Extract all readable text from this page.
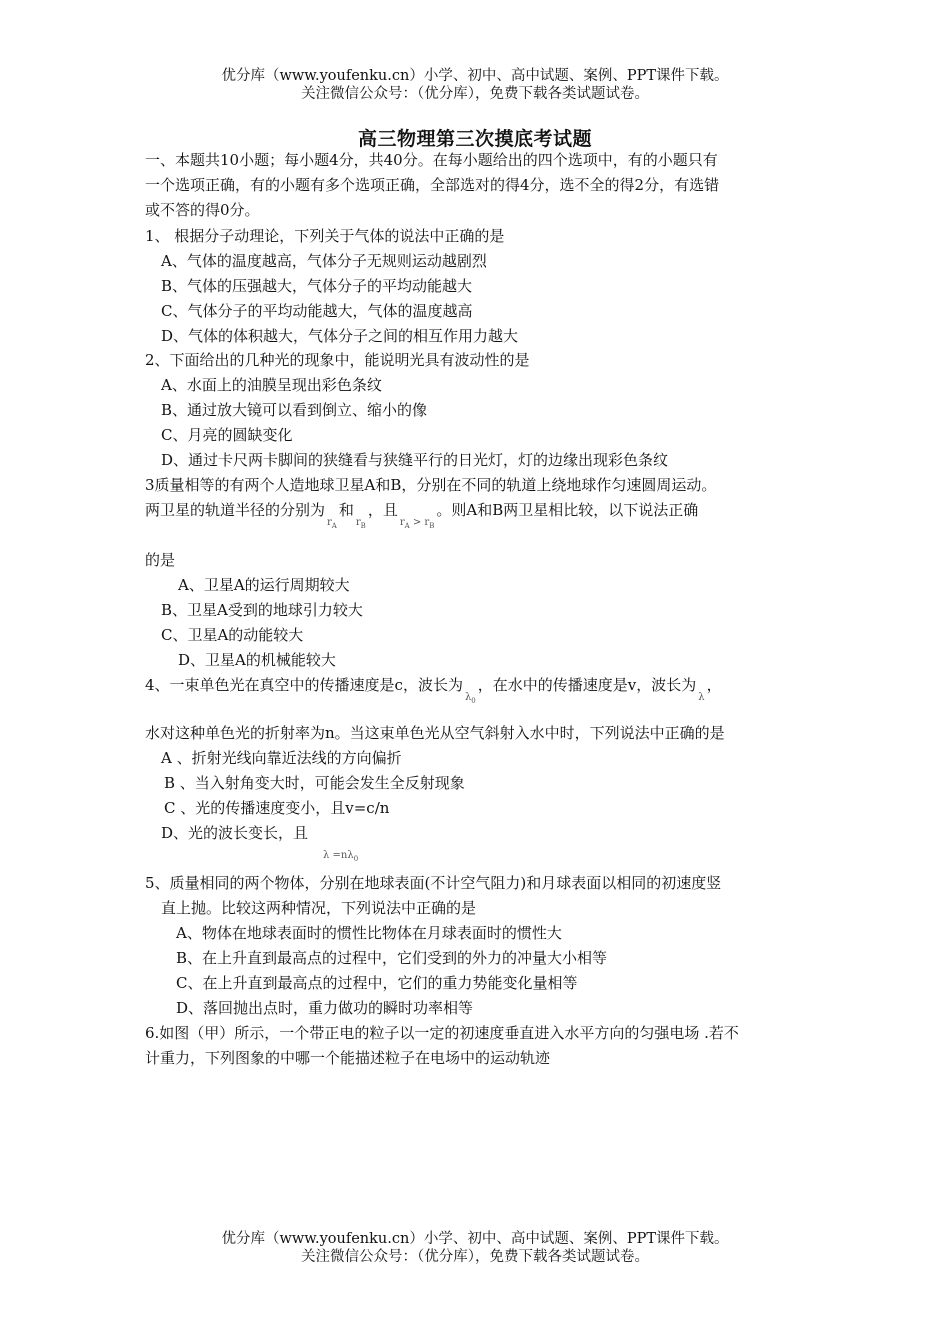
优分库（www.youfenku.cn）小学、初中、高中试题、案例、PPT课件下载。
关注微信公众号：（优分库），免费下载各类试题试卷。
高三物理第三次摸底考试题
一、本题共10小题；每小题4分，共40分。在每小题给出的四个选项中，有的小题只有
一个选项正确，有的小题有多个选项正确，全部选对的得4分，选不全的得2分，有选错
或不答的得0分。
1、 根据分子动理论，下列关于气体的说法中正确的是
A、气体的温度越高，气体分子无规则运动越剧烈
B、气体的压强越大，气体分子的平均动能越大
C、气体分子的平均动能越大，气体的温度越高
D、气体的体积越大，气体分子之间的相互作用力越大
2、下面给出的几种光的现象中，能说明光具有波动性的是
A、水面上的油膜呈现出彩色条纹
B、通过放大镜可以看到倒立、缩小的像
C、月亮的圆缺变化
D、通过卡尺两卡脚间的狭缝看与狭缝平行的日光灯，灯的边缘出现彩色条纹
3质量相等的有两个人造地球卫星A和B，分别在不同的轨道上绕地球作匀速圆周运动。
两卫星的轨道半径的分别为$r_A$和$r_B$，且$r_A > r_B$。则A和B两卫星相比较，以下说法正确
的是
A、卫星A的运行周期较大
B、卫星A受到的地球引力较大
C、卫星A的动能较大
D、卫星A的机械能较大
4、一束单色光在真空中的传播速度是c，波长为$\lambda_0$，在水中的传播速度是v，波长为λ，
水对这种单色光的折射率为n。当这束单色光从空气斜射入水中时，下列说法中正确的是
A 、折射光线向靠近法线的方向偏折
B 、当入射角变大时，可能会发生全反射现象
C 、光的传播速度变小，且v=c/n
D、光的波长变长，且
$\lambda =n\lambda_0$
5、质量相同的两个物体，分别在地球表面(不计空气阻力)和月球表面以相同的初速度竖
直上抛。比较这两种情况，下列说法中正确的是
A、物体在地球表面时的惯性比物体在月球表面时的惯性大
B、在上升直到最高点的过程中，它们受到的外力的冲量大小相等
C、在上升直到最高点的过程中，它们的重力势能变化量相等
D、落回抛出点时，重力做功的瞬时功率相等
6.如图（甲）所示，一个带正电的粒子以一定的初速度垂直进入水平方向的匀强电场 .若不
计重力，下列图象的中哪一个能描述粒子在电场中的运动轨迹
优分库（www.youfenku.cn）小学、初中、高中试题、案例、PPT课件下载。
关注微信公众号：（优分库），免费下载各类试题试卷。
